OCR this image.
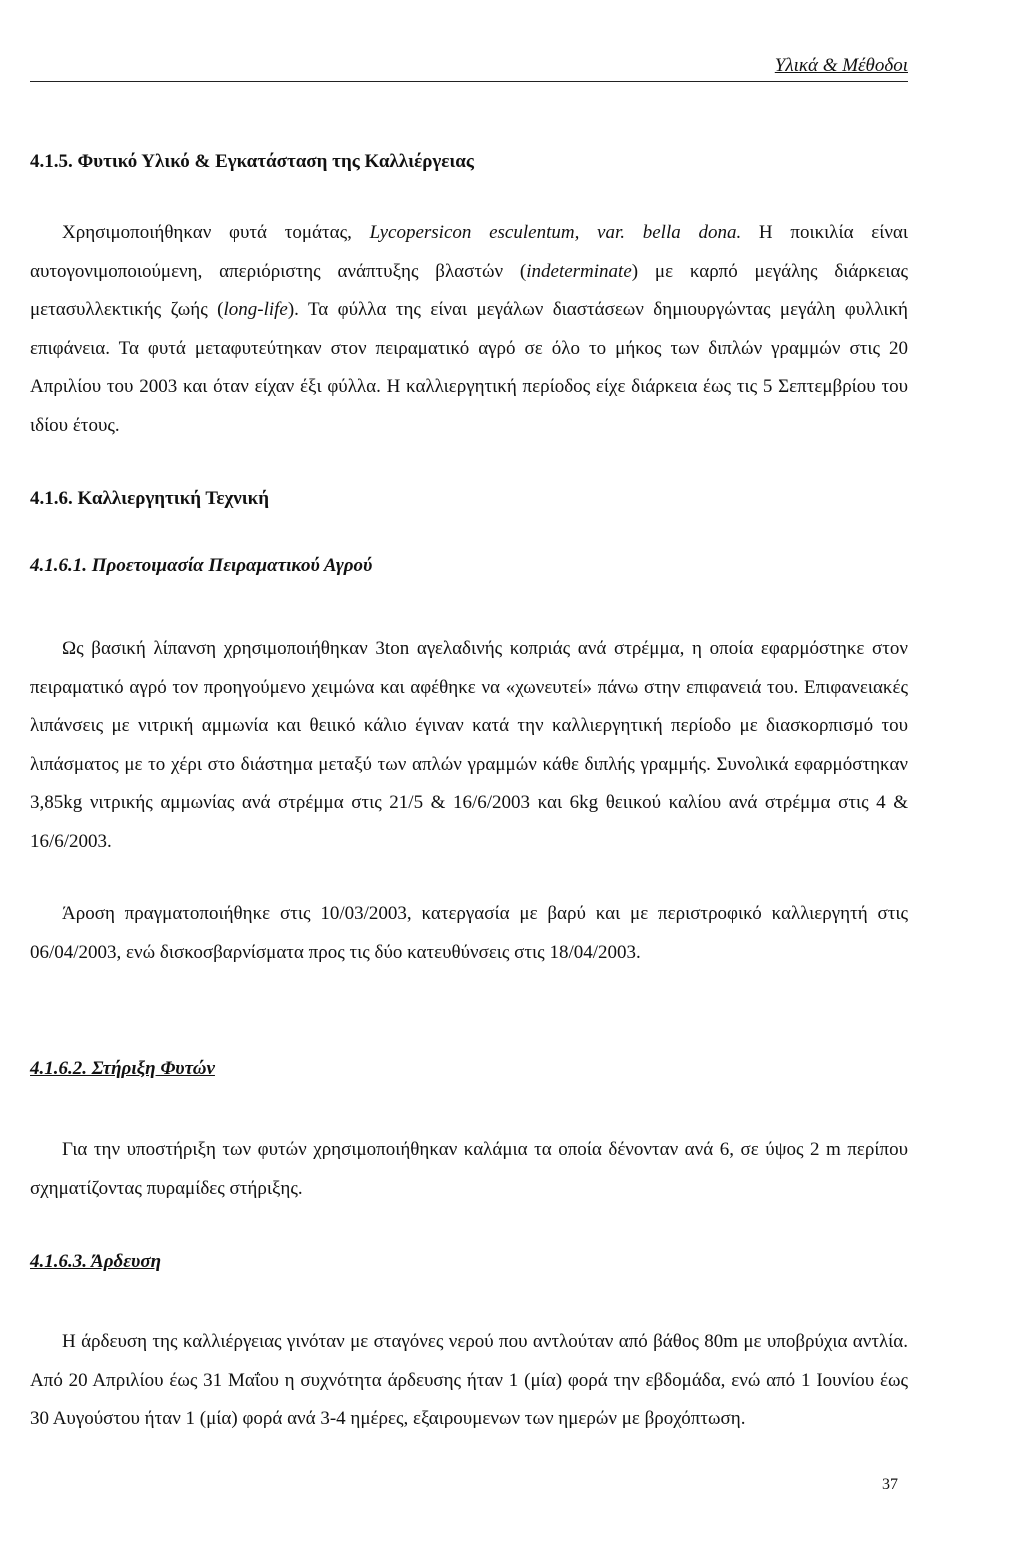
Υλικά & Μέθοδοι
4.1.5. Φυτικό Υλικό & Εγκατάσταση της Καλλιέργειας
Χρησιμοποιήθηκαν φυτά τομάτας, Lycopersicon esculentum, var. bella dona. Η ποικιλία είναι αυτογονιμοποιούμενη, απεριόριστης ανάπτυξης βλαστών (indeterminate) με καρπό μεγάλης διάρκειας μετασυλλεκτικής ζωής (long-life). Τα φύλλα της είναι μεγάλων διαστάσεων δημιουργώντας μεγάλη φυλλική επιφάνεια. Τα φυτά μεταφυτεύτηκαν στον πειραματικό αγρό σε όλο το μήκος των διπλών γραμμών στις 20 Απριλίου του 2003 και όταν είχαν έξι φύλλα. Η καλλιεργητική περίοδος είχε διάρκεια έως τις 5 Σεπτεμβρίου του ιδίου έτους.
4.1.6. Καλλιεργητική Τεχνική
4.1.6.1. Προετοιμασία Πειραματικού Αγρού
Ως βασική λίπανση χρησιμοποιήθηκαν 3ton αγελαδινής κοπριάς ανά στρέμμα, η οποία εφαρμόστηκε στον πειραματικό αγρό τον προηγούμενο χειμώνα και αφέθηκε να «χωνευτεί» πάνω στην επιφανειά του. Επιφανειακές λιπάνσεις με νιτρική αμμωνία και θειικό κάλιο έγιναν κατά την καλλιεργητική περίοδο με διασκορπισμό του λιπάσματος με το χέρι στο διάστημα μεταξύ των απλών γραμμών κάθε διπλής γραμμής. Συνολικά εφαρμόστηκαν 3,85kg νιτρικής αμμωνίας ανά στρέμμα στις 21/5 & 16/6/2003 και 6kg θειικού καλίου ανά στρέμμα στις 4 & 16/6/2003.
Άροση πραγματοποιήθηκε στις 10/03/2003, κατεργασία με βαρύ και με περιστροφικό καλλιεργητή στις 06/04/2003, ενώ δισκοσβαρνίσματα προς τις δύο κατευθύνσεις στις 18/04/2003.
4.1.6.2. Στήριξη Φυτών
Για την υποστήριξη των φυτών χρησιμοποιήθηκαν καλάμια τα οποία δένονταν ανά 6, σε ύψος 2 m περίπου σχηματίζοντας πυραμίδες στήριξης.
4.1.6.3. Άρδευση
Η άρδευση της καλλιέργειας γινόταν με σταγόνες νερού που αντλούταν από βάθος 80m με υποβρύχια αντλία. Από 20 Απριλίου έως 31 Μαΐου η συχνότητα άρδευσης ήταν 1 (μία) φορά την εβδομάδα, ενώ από 1 Ιουνίου έως 30 Αυγούστου ήταν 1 (μία) φορά ανά 3-4 ημέρες, εξαιρουμενων των ημερών με βροχόπτωση.
37
